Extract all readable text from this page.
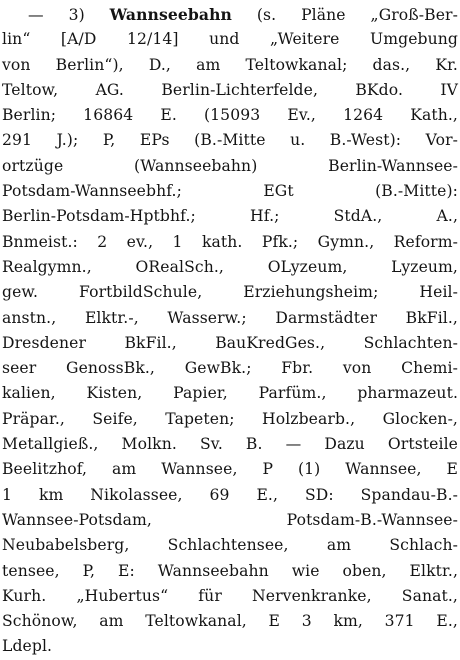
— 3) Wannseebahn (s. Pläne „Groß-Ber-
lin“ [A/D 12/14] und „Weitere Umgebung
von Berlin“), D., am Teltowkanal; das., Kr.
Teltow, AG. Berlin-Lichterfelde, BKdo. IV
Berlin; 16864 E. (15093 Ev., 1264 Kath.,
291 J.); P, EPs (B.-Mitte u. B.-West): Vor-
ortzüge (Wannseebahn) Berlin-Wannsee-
Potsdam-Wannseebhf.; EGt (B.-Mitte):
Berlin-Potsdam-Hptbhf.; Hf.; StdA., A.,
Bnmeist.: 2 ev., 1 kath. Pfk.; Gymn., Reform-
Realgymn., ORealSch., OLyzeum, Lyzeum,
gew. FortbildSchule, Erziehungsheim; Heil-
anstn., Elktr.-, Wasserw.; Darmstädter BkFil.,
Dresdener BkFil., BauKredGes., Schlachten-
seer GenossBk., GewBk.; Fbr. von Chemi-
kalien, Kisten, Papier, Parfüm., pharmazeut.
Präpar., Seife, Tapeten; Holzbearb., Glocken-,
Metallgieß., Molkn. Sv. B. — Dazu Ortsteile
Beelitzhof, am Wannsee, P (1) Wannsee, E
1 km Nikolassee, 69 E., SD: Spandau-B.-
Wannsee-Potsdam, Potsdam-B.-Wannsee-
Neubabelsberg, Schlachtensee, am Schlach-
tensee, P, E: Wannseebahn wie oben, Elktr.,
Kurh. „Hubertus“ für Nervenkranke, Sanat.,
Schönow, am Teltowkanal, E 3 km, 371 E.,
Ldepl.
